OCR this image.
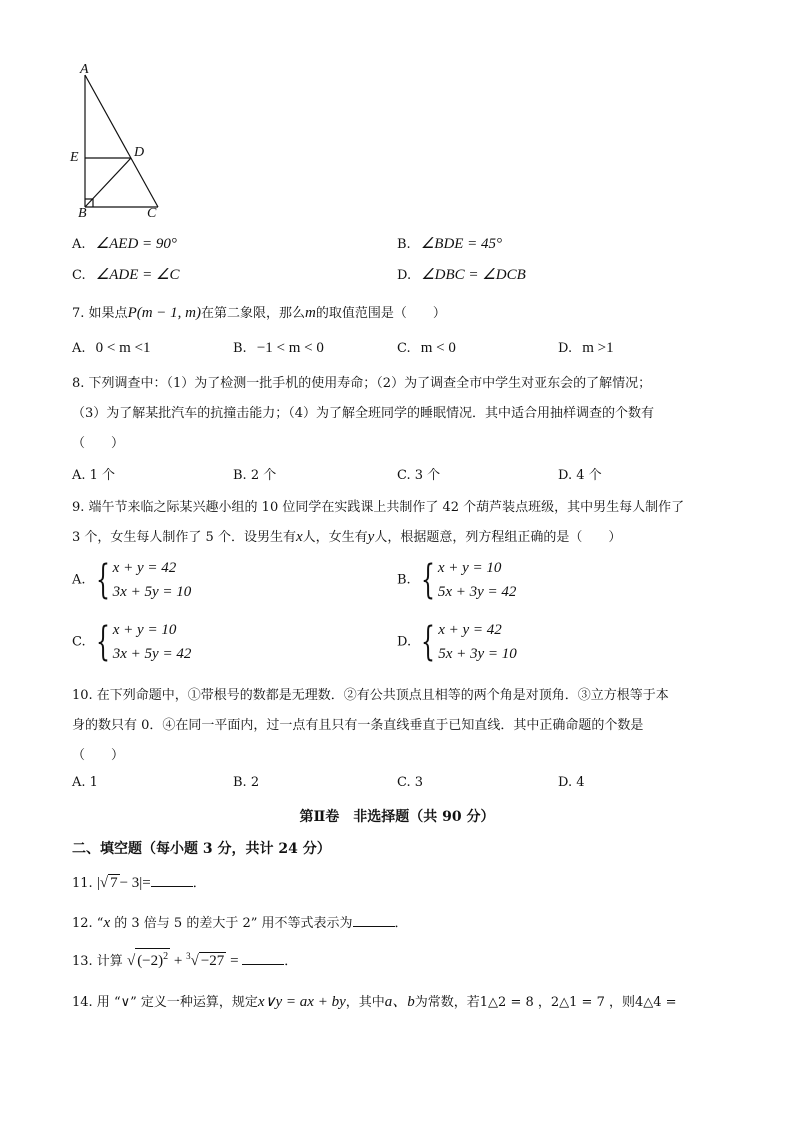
A
E	D
B	C
A. ∠AED = 90°	B. ∠BDE = 45°
C. ∠ADE = ∠C	D. ∠DBC = ∠DCB
7. 如果点P(m − 1, m)在第二象限，那么m的取值范围是（　　）
A. 0 < m <1	B. −1 < m < 0	C. m < 0	D. m >1
8. 下列调查中：（1）为了检测一批手机的使用寿命；（2）为了调查全市中学生对亚东会的了解情况；
（3）为了解某批汽车的抗撞击能力；（4）为了解全班同学的睡眠情况．其中适合用抽样调查的个数有
（　　）
A. 1 个	B. 2 个	C. 3 个	D. 4 个
9. 端午节来临之际某兴趣小组的 10 位同学在实践课上共制作了 42 个葫芦装点班级，其中男生每人制作了
3 个，女生每人制作了 5 个．设男生有x人，女生有y人，根据题意，列方程组正确的是（　　）
A. { x + y = 42
3x + 5y = 10
B. { x + y = 10
5x + 3y = 42
C. { x + y = 10
3x + 5y = 42
D. { x + y = 42
5x + 3y = 10
10. 在下列命题中，①带根号的数都是无理数．②有公共顶点且相等的两个角是对顶角．③立方根等于本
身的数只有 0．④在同一平面内，过一点有且只有一条直线垂直于已知直线．其中正确命题的个数是
（　　）
A. 1	B. 2	C. 3	D. 4
第Ⅱ卷　非选择题（共 90 分）
二、填空题（每小题 3 分，共计 24 分）
11. |√ 7 − 3|=	．
12. “x 的 3 倍与 5 的差大于 2” 用不等式表示为	．
13. 计算 √ $(-2)^2 + ^3√ -27$ =	．
14. 用 “∨” 定义一种运算，规定x∨y = ax + by，其中a、b为常数，若1△2 = 8 ，2△1 = 7 ，则4△4 =
